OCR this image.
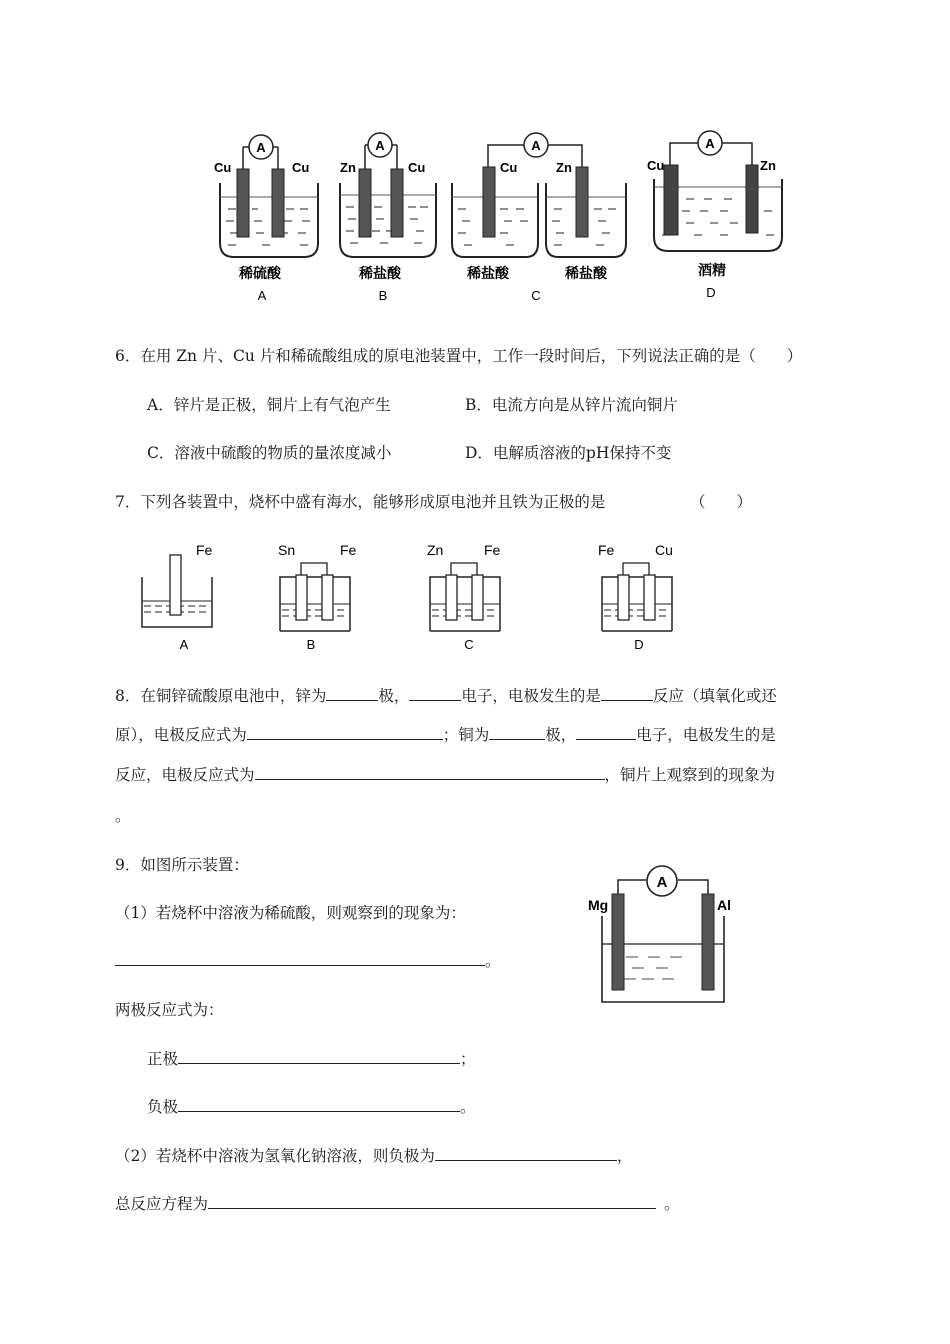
A
Cu	Cu
稀硫酸
A
A
Zn	Cu
稀盐酸
B
A
Cu	Zn
稀盐酸	稀盐酸
C
A
Cu	Zn
酒精
D
6．在用 Zn 片、Cu 片和稀硫酸组成的原电池装置中，工作一段时间后，下列说法正确的是（　　）
A．锌片是正极，铜片上有气泡产生	B．电流方向是从锌片流向铜片
C．溶液中硫酸的物质的量浓度减小	D．电解质溶液的pH保持不变
7．下列各装置中，烧杯中盛有海水，能够形成原电池并且铁为正极的是	（　　）
Fe
A
Sn	Fe
B
Zn	Fe
C
Fe	Cu
D
8．在铜锌硫酸原电池中，锌为	极，	电子，电极发生的是	反应（填氧化或还
原），电极反应式为	；铜为	极，	电子，电极发生的是
反应，电极反应式为	，铜片上观察到的现象为
。
9．如图所示装置：
（1）若烧杯中溶液为稀硫酸，则观察到的现象为：
。
两极反应式为：
正极	；
负极	。
（2）若烧杯中溶液为氢氧化钠溶液，则负极为	，
总反应方程为	。
A
Mg	Al
